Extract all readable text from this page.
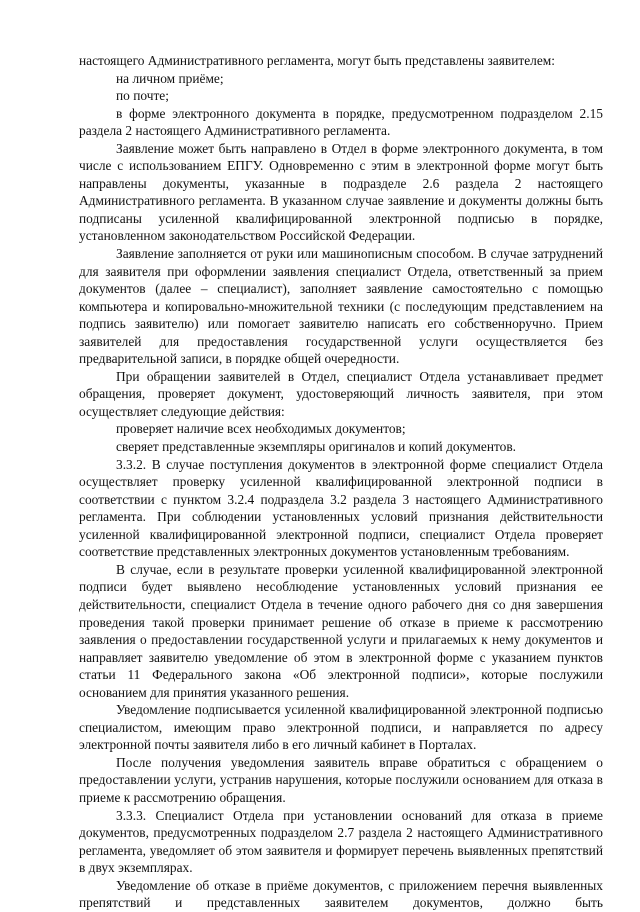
настоящего Административного регламента, могут быть представлены заявителем:

на личном приёме;

по почте;

в форме электронного документа в порядке, предусмотренном подразделом 2.15 раздела 2 настоящего Административного регламента.

Заявление может быть направлено в Отдел в форме электронного документа, в том числе с использованием ЕПГУ. Одновременно с этим в электронной форме могут быть направлены документы, указанные в подразделе 2.6 раздела 2 настоящего Административного регламента. В указанном случае заявление и документы должны быть подписаны усиленной квалифицированной электронной подписью в порядке, установленном законодательством Российской Федерации.

Заявление заполняется от руки или машинописным способом. В случае затруднений для заявителя при оформлении заявления специалист Отдела, ответственный за прием документов (далее – специалист), заполняет заявление самостоятельно с помощью компьютера и копировально-множительной техники (с последующим представлением на подпись заявителю) или помогает заявителю написать его собственноручно. Прием заявителей для предоставления государственной услуги осуществляется без предварительной записи, в порядке общей очередности.

При обращении заявителей в Отдел, специалист Отдела устанавливает предмет обращения, проверяет документ, удостоверяющий личность заявителя, при этом осуществляет следующие действия:

проверяет наличие всех необходимых документов;

сверяет представленные экземпляры оригиналов и копий документов.

3.3.2. В случае поступления документов в электронной форме специалист Отдела осуществляет проверку усиленной квалифицированной электронной подписи в соответствии с пунктом 3.2.4 подраздела 3.2 раздела 3 настоящего Административного регламента. При соблюдении установленных условий признания действительности усиленной квалифицированной электронной подписи, специалист Отдела проверяет соответствие представленных электронных документов установленным требованиям.

В случае, если в результате проверки усиленной квалифицированной электронной подписи будет выявлено несоблюдение установленных условий признания ее действительности, специалист Отдела в течение одного рабочего дня со дня завершения проведения такой проверки принимает решение об отказе в приеме к рассмотрению заявления о предоставлении государственной услуги и прилагаемых к нему документов и направляет заявителю уведомление об этом в электронной форме с указанием пунктов статьи 11 Федерального закона «Об электронной подписи», которые послужили основанием для принятия указанного решения.

Уведомление подписывается усиленной квалифицированной электронной подписью специалистом, имеющим право электронной подписи, и направляется по адресу электронной почты заявителя либо в его личный кабинет в Порталах.

После получения уведомления заявитель вправе обратиться с обращением о предоставлении услуги, устранив нарушения, которые послужили основанием для отказа в приеме к рассмотрению обращения.

3.3.3. Специалист Отдела при установлении оснований для отказа в приеме документов, предусмотренных подразделом 2.7 раздела 2 настоящего Административного регламента, уведомляет об этом заявителя и формирует перечень выявленных препятствий в двух экземплярах.

Уведомление об отказе в приёме документов, с приложением перечня выявленных препятствий и представленных заявителем документов, должно быть
